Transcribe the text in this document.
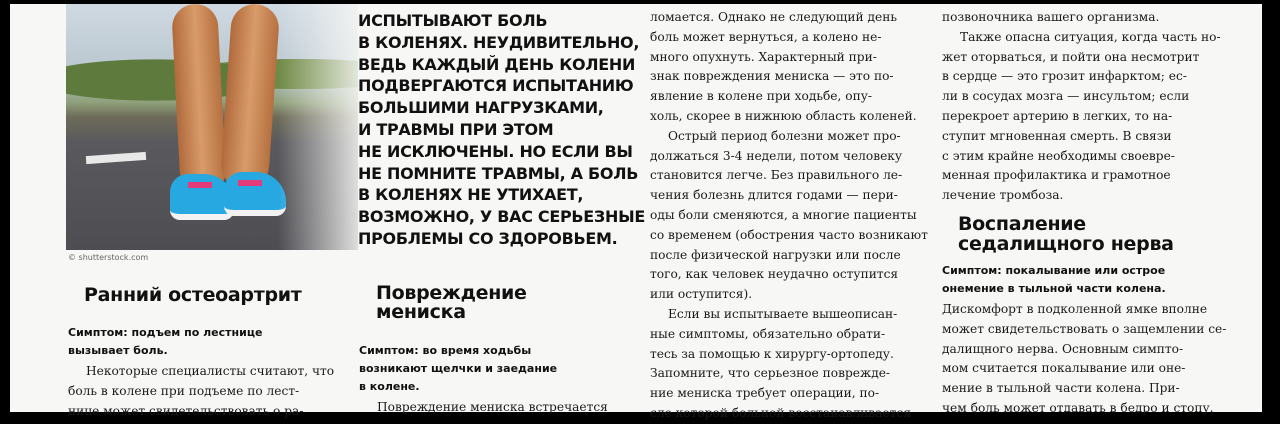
© shutterstock.com
ИСПЫТЫВАЮТ БОЛЬ
В КОЛЕНЯХ. НЕУДИВИТЕЛЬНО,
ВЕДЬ КАЖДЫЙ ДЕНЬ КОЛЕНИ
ПОДВЕРГАЮТСЯ ИСПЫТАНИЮ
БОЛЬШИМИ НАГРУЗКАМИ,
И ТРАВМЫ ПРИ ЭТОМ
НЕ ИСКЛЮЧЕНЫ. НО ЕСЛИ ВЫ
НЕ ПОМНИТЕ ТРАВМЫ, А БОЛЬ
В КОЛЕНЯХ НЕ УТИХАЕТ,
ВОЗМОЖНО, У ВАС СЕРЬЕЗНЫЕ
ПРОБЛЕМЫ СО ЗДОРОВЬЕМ.
Ранний остеоартрит
Симптом: подъем по лестнице
вызывает боль.
Некоторые специалисты считают, что
боль в колене при подъеме по лест-
нице может свидетельствовать о ра-
Повреждение
мениска
Симптом: во время ходьбы
возникают щелчки и заедание
в колене.
Повреждение мениска встречается
ломается. Однако не следующий день
боль может вернуться, а колено не-
много опухнуть. Характерный при-
знак повреждения мениска — это по-
явление в колене при ходьбе, опу-
холь, скорее в нижнюю область коленей.
Острый период болезни может про-
должаться 3-4 недели, потом человеку
становится легче. Без правильного ле-
чения болезнь длится годами — пери-
оды боли сменяются, а многие пациенты
со временем (обострения часто возникают
после физической нагрузки или после
того, как человек неудачно оступится
или оступится).
Если вы испытываете вышеописан-
ные симптомы, обязательно обрати-
тесь за помощью к хирургу-ортопеду.
Запомните, что серьезное поврежде-
ние мениска требует операции, по-
сле которой больной восстанавливается
позвоночника вашего организма.
Также опасна ситуация, когда часть но-
жет оторваться, и пойти она несмотрит
в сердце — это грозит инфарктом; ес-
ли в сосудах мозга — инсультом; если
перекроет артерию в легких, то на-
ступит мгновенная смерть. В связи
с этим крайне необходимы своевре-
менная профилактика и грамотное
лечение тромбоза.
Воспаление
седалищного нерва
Симптом: покалывание или острое
онемение в тыльной части колена.
Дискомфорт в подколенной ямке вполне
может свидетельствовать о защемлении се-
далищного нерва. Основным симпто-
мом считается покалывание или оне-
мение в тыльной части колена. При-
чем боль может отдавать в бедро и стопу.
